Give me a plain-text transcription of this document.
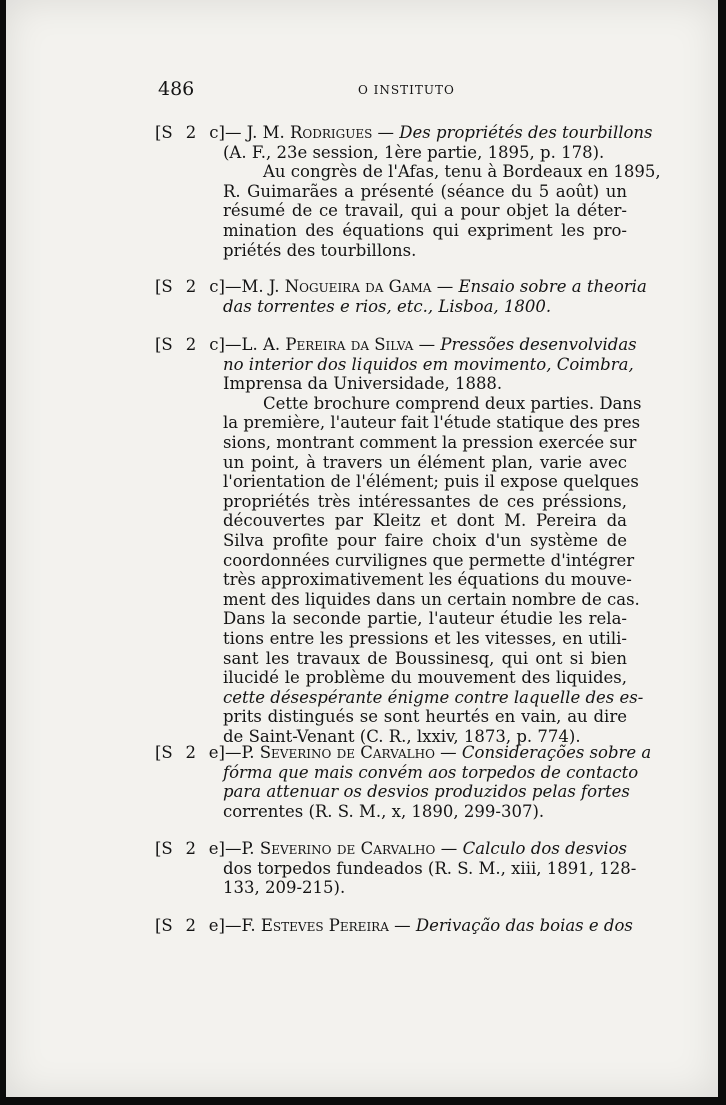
486	O INSTITUTO
[S 2 c]— J. M. Rodrigues — Des propriétés des tourbillons
(A. F., 23e session, 1ère partie, 1895, p. 178).
Au congrès de l'Afas, tenu à Bordeaux en 1895,
R. Guimarães a présenté (séance du 5 août) un
résumé de ce travail, qui a pour objet la déter-
mination des équations qui expriment les pro-
priétés des tourbillons.
[S 2 c]—M. J. Nogueira da Gama — Ensaio sobre a theoria
das torrentes e rios, etc., Lisboa, 1800.
[S 2 c]—L. A. Pereira da Silva — Pressões desenvolvidas
no interior dos liquidos em movimento, Coimbra,
Imprensa da Universidade, 1888.
Cette brochure comprend deux parties. Dans
la première, l'auteur fait l'étude statique des pres
sions, montrant comment la pression exercée sur
un point, à travers un élément plan, varie avec
l'orientation de l'élément; puis il expose quelques
propriétés très intéressantes de ces préssions,
découvertes par Kleitz et dont M. Pereira da
Silva profite pour faire choix d'un système de
coordonnées curvilignes que permette d'intégrer
très approximativement les équations du mouve-
ment des liquides dans un certain nombre de cas.
Dans la seconde partie, l'auteur étudie les rela-
tions entre les pressions et les vitesses, en utili-
sant les travaux de Boussinesq, qui ont si bien
ilucidé le problème du mouvement des liquides,
cette désespérante énigme contre laquelle des es-
prits distingués se sont heurtés en vain, au dire
de Saint-Venant (C. R., lxxiv, 1873, p. 774).
[S 2 e]—P. Severino de Carvalho — Considerações sobre a
fórma que mais convém aos torpedos de contacto
para attenuar os desvios produzidos pelas fortes
correntes (R. S. M., x, 1890, 299-307).
[S 2 e]—P. Severino de Carvalho — Calculo dos desvios
dos torpedos fundeados (R. S. M., xiii, 1891, 128-
133, 209-215).
[S 2 e]—F. Esteves Pereira — Derivação das boias e dos
